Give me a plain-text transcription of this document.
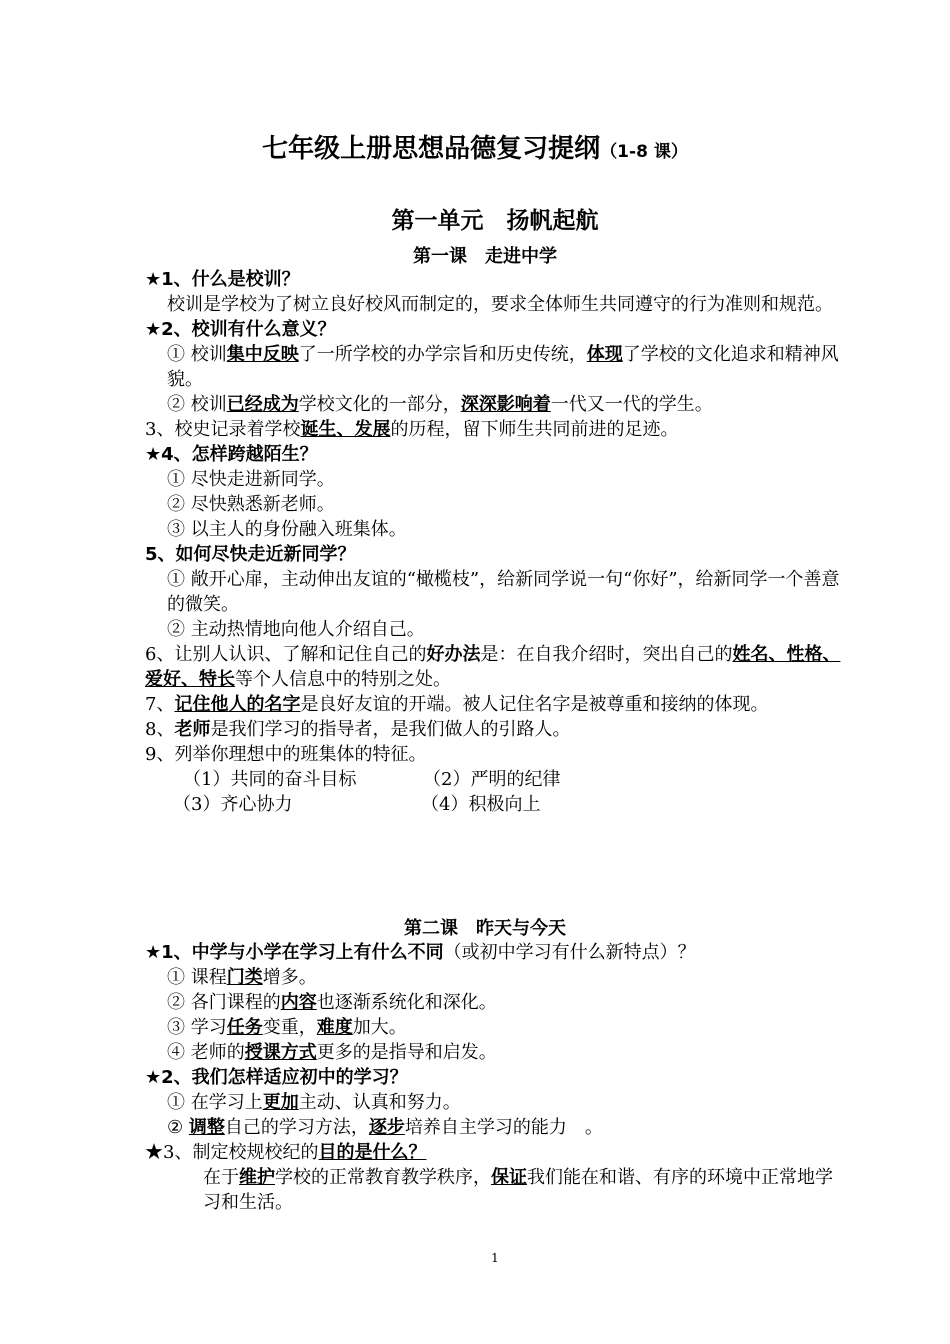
七年级上册思想品德复习提纲（1-8 课）
第一单元　扬帆起航
第一课　走进中学

★1、什么是校训？

校训是学校为了树立良好校风而制定的，要求全体师生共同遵守的行为准则和规范。

★2、校训有什么意义？

① 校训集中反映了一所学校的办学宗旨和历史传统，体现了学校的文化追求和精神风貌。

② 校训已经成为学校文化的一部分，深深影响着一代又一代的学生。

3、校史记录着学校诞生、发展的历程，留下师生共同前进的足迹。

★4、怎样跨越陌生？

① 尽快走进新同学。

② 尽快熟悉新老师。

③ 以主人的身份融入班集体。

5、如何尽快走近新同学？

① 敞开心扉，主动伸出友谊的“橄榄枝”，给新同学说一句“你好”，给新同学一个善意的微笑。

② 主动热情地向他人介绍自己。

6、让别人认识、了解和记住自己的好办法是：在自我介绍时，突出自己的姓名、性格、爱好、特长等个人信息中的特别之处。

7、记住他人的名字是良好友谊的开端。被人记住名字是被尊重和接纳的体现。

8、老师是我们学习的指导者，是我们做人的引路人。

9、列举你理想中的班集体的特征。

（1）共同的奋斗目标	（2）严明的纪律

（3）齐心协力	（4）积极向上

第二课　昨天与今天

★1、中学与小学在学习上有什么不同（或初中学习有什么新特点）？

① 课程门类增多。

② 各门课程的内容也逐渐系统化和深化。

③ 学习任务变重，难度加大。

④ 老师的授课方式更多的是指导和启发。

★2、我们怎样适应初中的学习？

① 在学习上更加主动、认真和努力。

② 调整自己的学习方法，逐步培养自主学习的能力　。

★3、制定校规校纪的目的是什么？

在于维护学校的正常教育教学秩序，保证我们能在和谐、有序的环境中正常地学习和生活。

1
